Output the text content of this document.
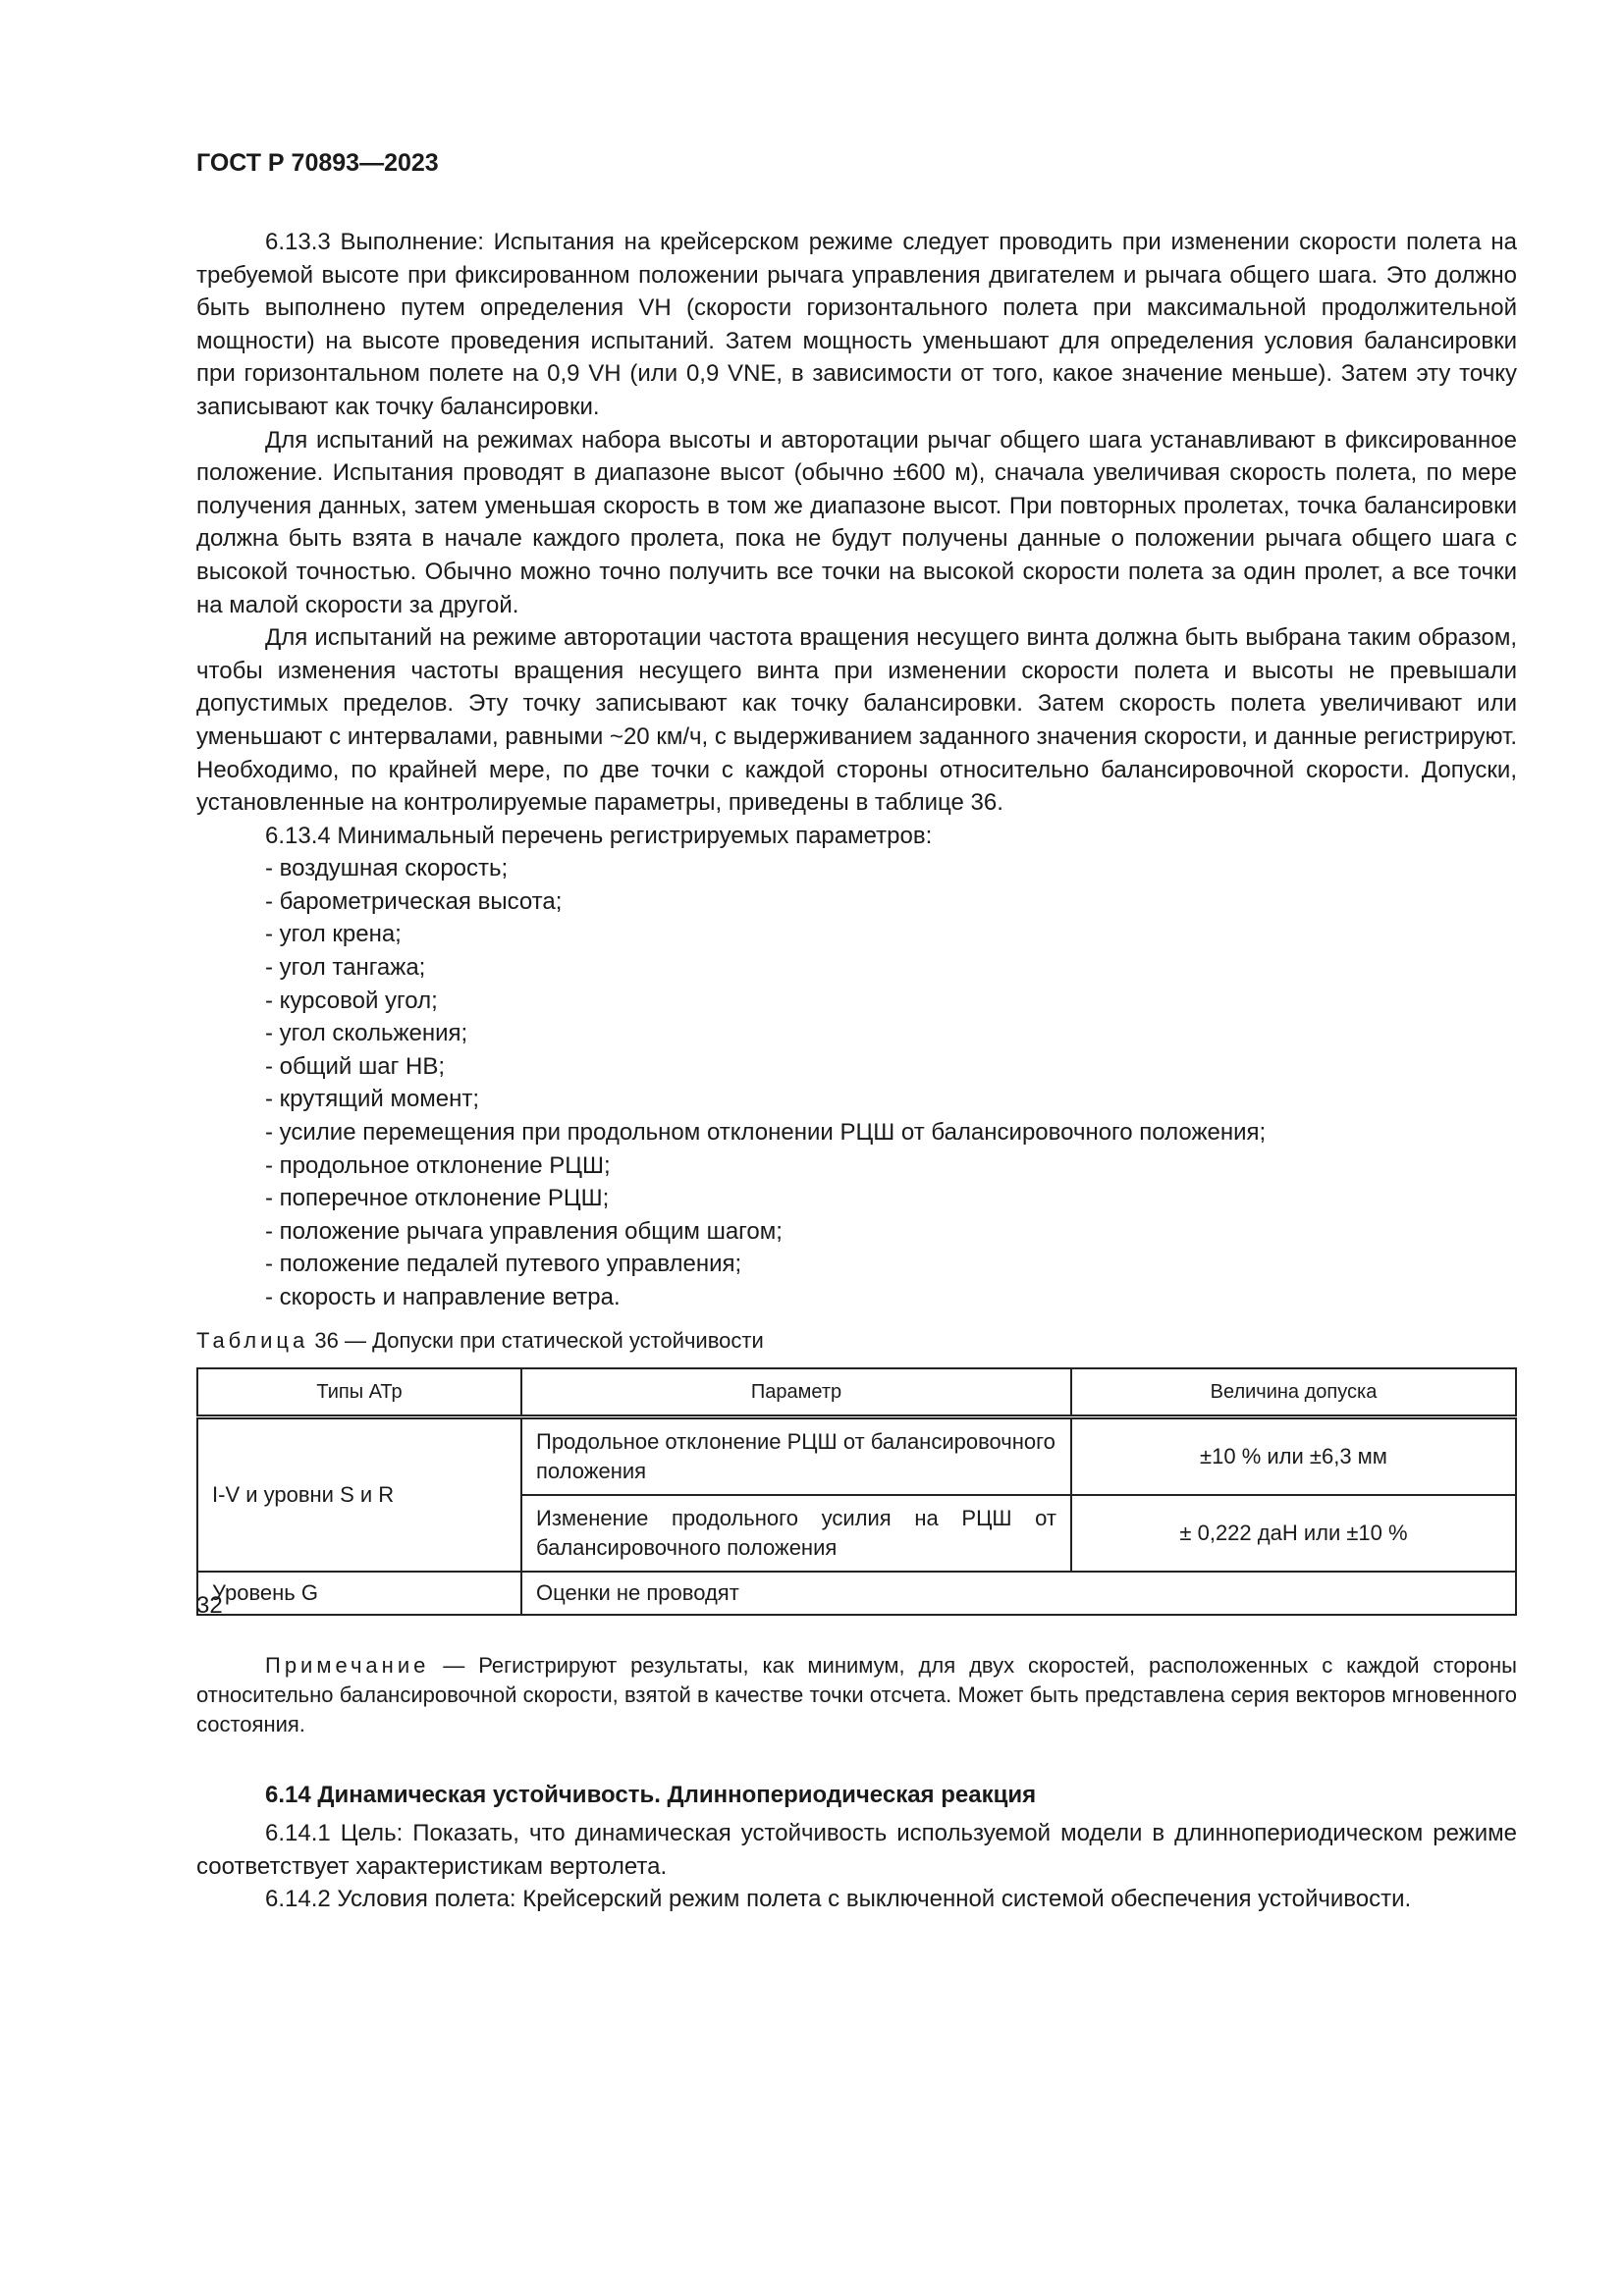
ГОСТ Р 70893—2023

6.13.3 Выполнение: Испытания на крейсерском режиме следует проводить при изменении скорости полета на требуемой высоте при фиксированном положении рычага управления двигателем и рычага общего шага. Это должно быть выполнено путем определения VH (скорости горизонтального полета при максимальной продолжительной мощности) на высоте проведения испытаний. Затем мощность уменьшают для определения условия балансировки при горизонтальном полете на 0,9 VH (или 0,9 VNE, в зависимости от того, какое значение меньше). Затем эту точку записывают как точку балансировки.

Для испытаний на режимах набора высоты и авторотации рычаг общего шага устанавливают в фиксированное положение. Испытания проводят в диапазоне высот (обычно ±600 м), сначала увеличивая скорость полета, по мере получения данных, затем уменьшая скорость в том же диапазоне высот. При повторных пролетах, точка балансировки должна быть взята в начале каждого пролета, пока не будут получены данные о положении рычага общего шага с высокой точностью. Обычно можно точно получить все точки на высокой скорости полета за один пролет, а все точки на малой скорости за другой.

Для испытаний на режиме авторотации частота вращения несущего винта должна быть выбрана таким образом, чтобы изменения частоты вращения несущего винта при изменении скорости полета и высоты не превышали допустимых пределов. Эту точку записывают как точку балансировки. Затем скорость полета увеличивают или уменьшают с интервалами, равными ~20 км/ч, с выдерживанием заданного значения скорости, и данные регистрируют. Необходимо, по крайней мере, по две точки с каждой стороны относительно балансировочной скорости. Допуски, установленные на контролируемые параметры, приведены в таблице 36.

6.13.4 Минимальный перечень регистрируемых параметров:

- воздушная скорость;
- барометрическая высота;
- угол крена;
- угол тангажа;
- курсовой угол;
- угол скольжения;
- общий шаг НВ;
- крутящий момент;
- усилие перемещения при продольном отклонении РЦШ от балансировочного положения;
- продольное отклонение РЦШ;
- поперечное отклонение РЦШ;
- положение рычага управления общим шагом;
- положение педалей путевого управления;
- скорость и направление ветра.
Таблица 36 — Допуски при статической устойчивости
Типы АТр	Параметр	Величина допуска
I-V и уровни S и R	Продольное отклонение РЦШ от балансировочного положения	±10 % или ±6,3 мм
	Изменение продольного усилия на РЦШ от балансировочного положения	± 0,222 даН или ±10 %
Уровень G	Оценки не проводят	

Примечание — Регистрируют результаты, как минимум, для двух скоростей, расположенных с каждой стороны относительно балансировочной скорости, взятой в качестве точки отсчета. Может быть представлена серия векторов мгновенного состояния.

6.14 Динамическая устойчивость. Длиннопериодическая реакция

6.14.1 Цель: Показать, что динамическая устойчивость используемой модели в длиннопериодическом режиме соответствует характеристикам вертолета.

6.14.2 Условия полета: Крейсерский режим полета с выключенной системой обеспечения устойчивости.

32
